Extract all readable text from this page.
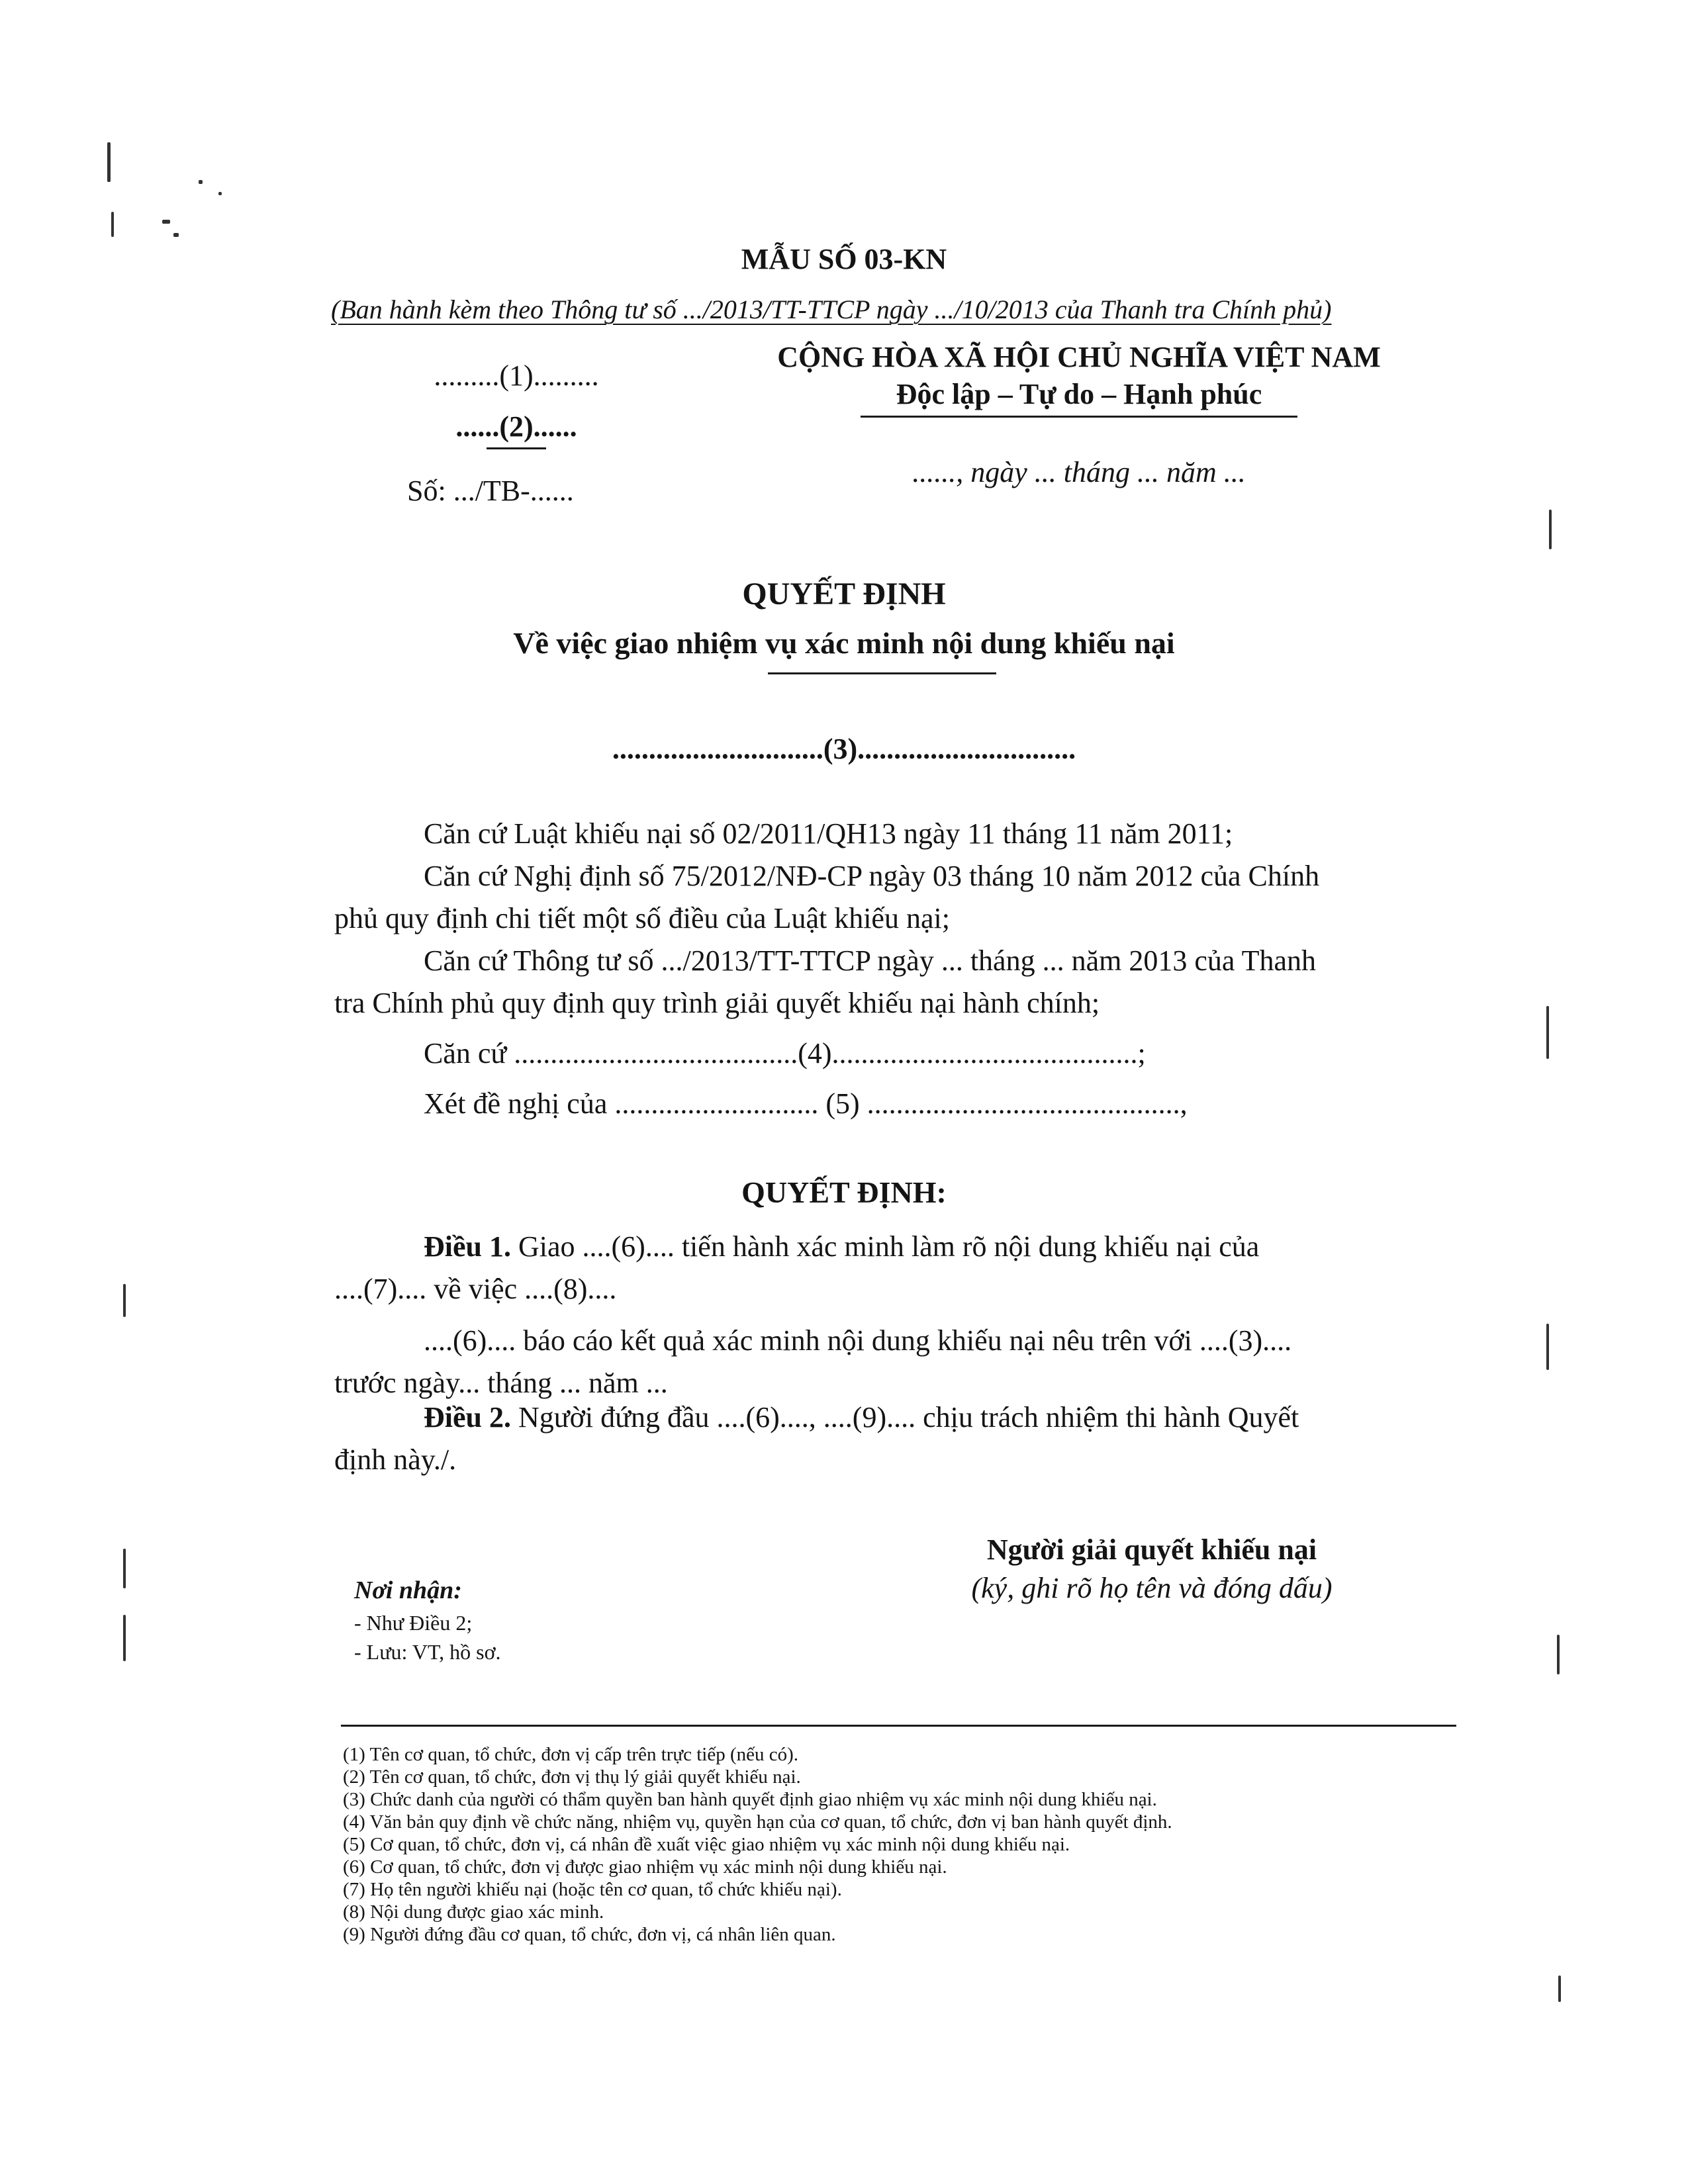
MẪU SỐ 03-KN
(Ban hành kèm theo Thông tư số .../2013/TT-TTCP ngày .../10/2013 của Thanh tra Chính phủ)
.........(1).........
......(2)......
Số: .../TB-......
CỘNG HÒA XÃ HỘI CHỦ NGHĨA VIỆT NAM
Độc lập – Tự do – Hạnh phúc
......, ngày ... tháng ... năm ...
QUYẾT ĐỊNH
Về việc giao nhiệm vụ xác minh nội dung khiếu nại
.............................(3)..............................
Căn cứ Luật khiếu nại số 02/2011/QH13 ngày 11 tháng 11 năm 2011;
Căn cứ Nghị định số 75/2012/NĐ-CP ngày 03 tháng 10 năm 2012 của Chính
phủ quy định chi tiết một số điều của Luật khiếu nại;
Căn cứ Thông tư số .../2013/TT-TTCP ngày ... tháng ... năm 2013 của Thanh
tra Chính phủ quy định quy trình giải quyết khiếu nại hành chính;
Căn cứ .......................................(4)..........................................;
Xét đề nghị của ............................ (5) ...........................................,
QUYẾT ĐỊNH:
Điều 1. Giao ....(6).... tiến hành xác minh làm rõ nội dung khiếu nại của
....(7).... về việc ....(8)....
....(6).... báo cáo kết quả xác minh nội dung khiếu nại nêu trên với ....(3)....
trước ngày... tháng ... năm ...
Điều 2. Người đứng đầu ....(6)...., ....(9).... chịu trách nhiệm thi hành Quyết
định này./.
Người giải quyết khiếu nại
(ký, ghi rõ họ tên và đóng dấu)
Nơi nhận:
- Như Điều 2;
- Lưu: VT, hồ sơ.
(1) Tên cơ quan, tổ chức, đơn vị cấp trên trực tiếp (nếu có).
(2) Tên cơ quan, tổ chức, đơn vị thụ lý giải quyết khiếu nại.
(3) Chức danh của người có thẩm quyền ban hành quyết định giao nhiệm vụ xác minh nội dung khiếu nại.
(4) Văn bản quy định về chức năng, nhiệm vụ, quyền hạn của cơ quan, tổ chức, đơn vị ban hành quyết định.
(5) Cơ quan, tổ chức, đơn vị, cá nhân đề xuất việc giao nhiệm vụ xác minh nội dung khiếu nại.
(6) Cơ quan, tổ chức, đơn vị được giao nhiệm vụ xác minh nội dung khiếu nại.
(7) Họ tên người khiếu nại (hoặc tên cơ quan, tổ chức khiếu nại).
(8) Nội dung được giao xác minh.
(9) Người đứng đầu cơ quan, tổ chức, đơn vị, cá nhân liên quan.
